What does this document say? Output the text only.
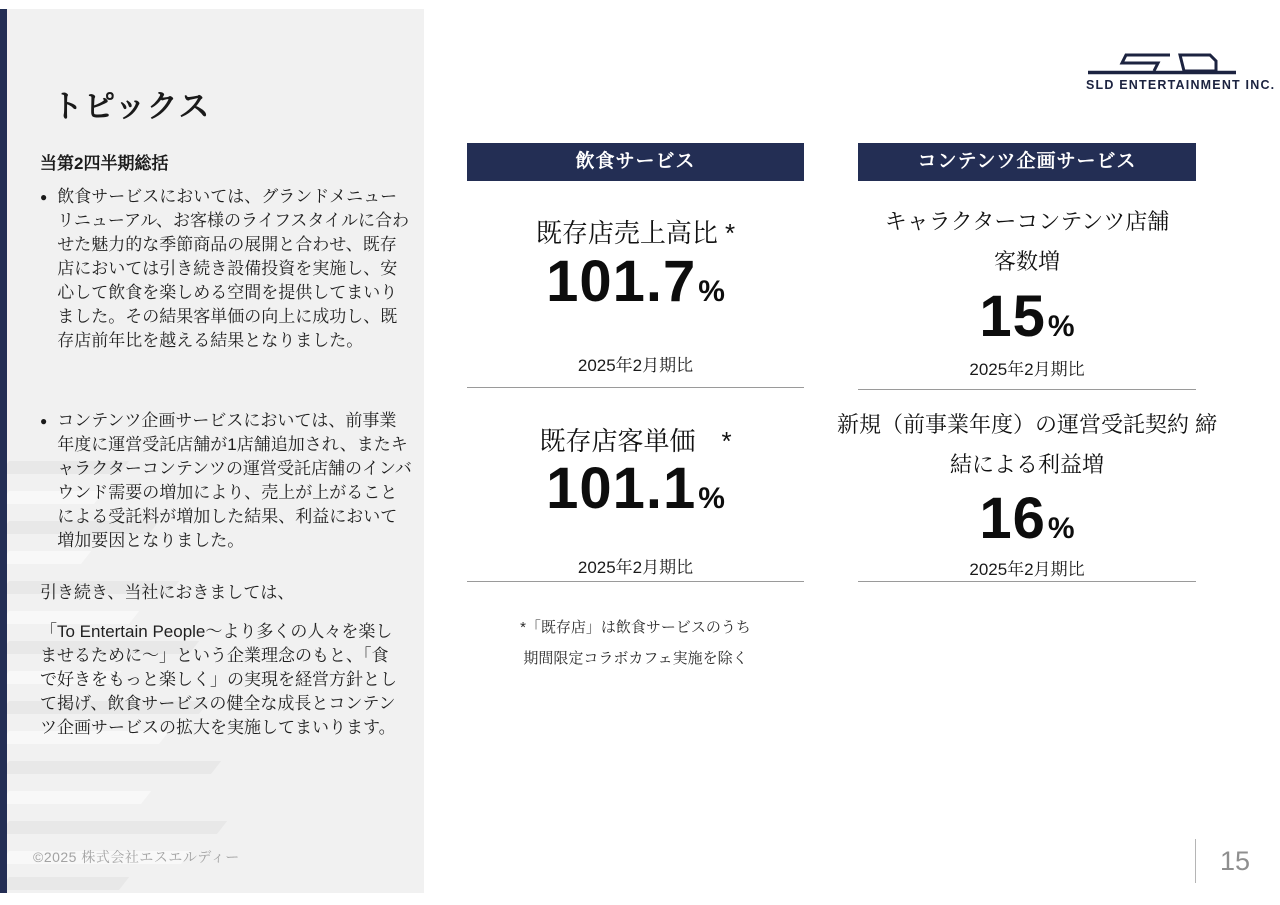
トピックス
当第2四半期総括
● 飲食サービスにおいては、グランドメニューリニューアル、お客様のライフスタイルに合わせた魅力的な季節商品の展開と合わせ、既存店においては引き続き設備投資を実施し、安心して飲食を楽しめる空間を提供してまいりました。その結果客単価の向上に成功し、既存店前年比を越える結果となりました。

● コンテンツ企画サービスにおいては、前事業年度に運営受託店舗が1店舗追加され、またキャラクターコンテンツの運営受託店舗のインバウンド需要の増加により、売上が上がることによる受託料が増加した結果、利益において増加要因となりました。

引き続き、当社におきましては、

「To Entertain People～より多くの人々を楽しませるために～」という企業理念のもと、「食で好きをもっと楽しく」の実現を経営方針として掲げ、飲食サービスの健全な成長とコンテンツ企画サービスの拡大を実施してまいります。

©2025 株式会社エスエルディー
SLD ENTERTAINMENT INC.
飲食サービス
既存店売上高比 *
101.7%
2025年2月期比
既存店客単価　*
101.1%
2025年2月期比
*「既存店」は飲食サービスのうち
期間限定コラボカフェ実施を除く
コンテンツ企画サービス
キャラクターコンテンツ店舗
客数増
15%
2025年2月期比
新規（前事業年度）の運営受託契約 締
結による利益増
16%
2025年2月期比
15
